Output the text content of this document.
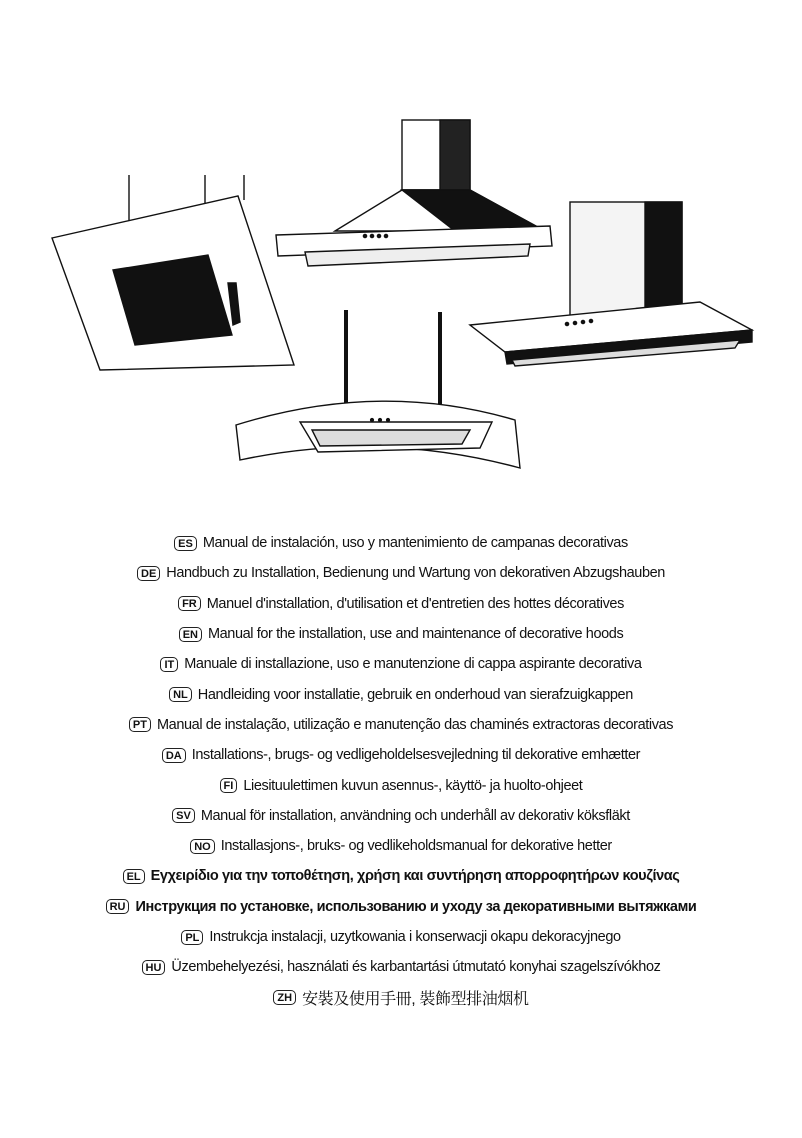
ES Manual de instalación, uso y mantenimiento de campanas decorativas
DE Handbuch zu Installation, Bedienung und Wartung von dekorativen Abzugshauben
FR Manuel d'installation, d'utilisation et d'entretien des hottes décoratives
EN Manual for the installation, use and maintenance of decorative hoods
IT Manuale di installazione, uso e manutenzione di cappa aspirante decorativa
NL Handleiding voor installatie, gebruik en onderhoud van sierafzuigkappen
PT Manual de instalação, utilização e manutenção das chaminés extractoras decorativas
DA Installations-, brugs- og vedligeholdelsesvejledning til dekorative emhætter
FI Liesituulettimen kuvun asennus-, käyttö- ja huolto-ohjeet
SV Manual för installation, användning och underhåll av dekorativ köksfläkt
NO Installasjons-, bruks- og vedlikeholdsmanual for dekorative hetter
EL Εγχειρίδιο για την τοποθέτηση, χρήση και συντήρηση απορροφητήρων κουζίνας
RU Инструкция по установке, использованию и уходу за декоративными вытяжками
PL Instrukcja instalacji, uzytkowania i konserwacji okapu dekoracyjnego
HU Üzembehelyezési, használati és karbantartási útmutató konyhai szagelszívókhoz
ZH 安裝及使用手冊, 裝飾型排油烟机
